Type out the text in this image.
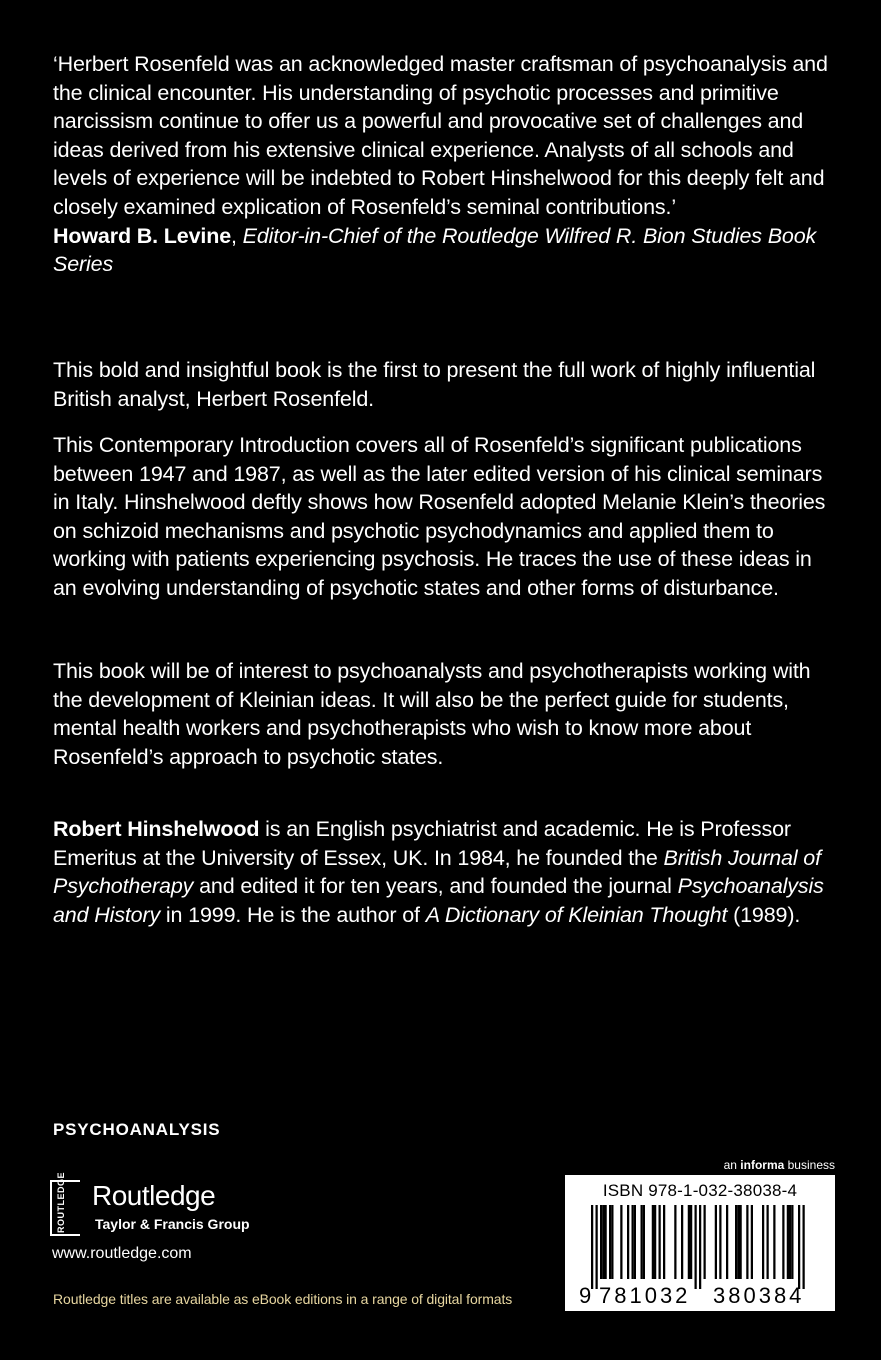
‘Herbert Rosenfeld was an acknowledged master craftsman of psychoanalysis and the clinical encounter. His understanding of psychotic processes and primitive narcissism continue to offer us a powerful and provocative set of challenges and ideas derived from his extensive clinical experience. Analysts of all schools and levels of experience will be indebted to Robert Hinshelwood for this deeply felt and closely examined explication of Rosenfeld’s seminal contributions.’
Howard B. Levine, Editor-in-Chief of the Routledge Wilfred R. Bion Studies Book Series

This bold and insightful book is the first to present the full work of highly influential British analyst, Herbert Rosenfeld.

This Contemporary Introduction covers all of Rosenfeld’s significant publications between 1947 and 1987, as well as the later edited version of his clinical seminars in Italy. Hinshelwood deftly shows how Rosenfeld adopted Melanie Klein’s theories on schizoid mechanisms and psychotic psychodynamics and applied them to working with patients experiencing psychosis. He traces the use of these ideas in an evolving understanding of psychotic states and other forms of disturbance.

This book will be of interest to psychoanalysts and psychotherapists working with the development of Kleinian ideas. It will also be the perfect guide for students, mental health workers and psychotherapists who wish to know more about Rosenfeld’s approach to psychotic states.

Robert Hinshelwood is an English psychiatrist and academic. He is Professor Emeritus at the University of Essex, UK. In 1984, he founded the British Journal of Psychotherapy and edited it for ten years, and founded the journal Psychoanalysis and History in 1999. He is the author of A Dictionary of Kleinian Thought (1989).

PSYCHOANALYSIS
ROUTLEDGE Routledge
Taylor & Francis Group
www.routledge.com
Routledge titles are available as eBook editions in a range of digital formats
an informa business
ISBN 978-1-032-38038-4
9 781032 380384
